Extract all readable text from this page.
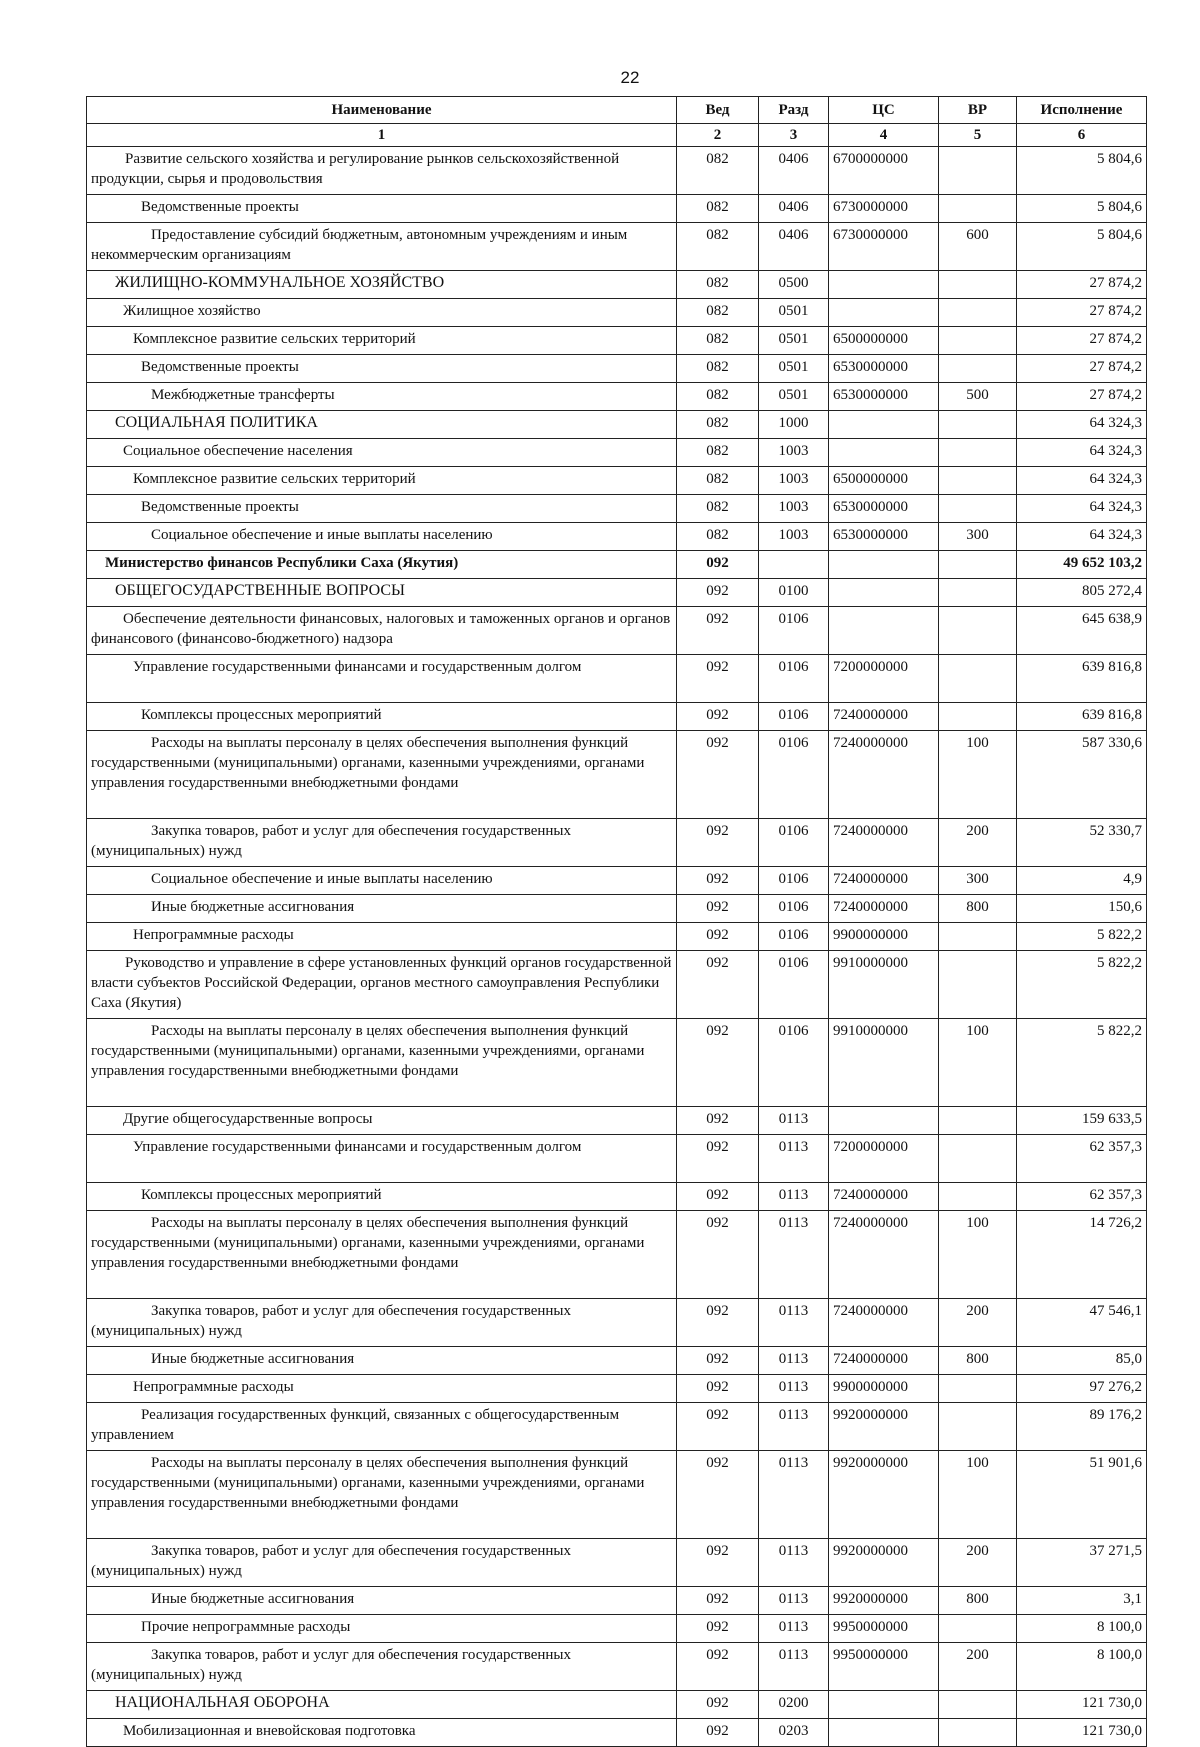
22
Наименование	Вед	Разд	ЦС	ВР	Исполнение
1	2	3	4	5	6
Развитие сельского хозяйства и регулирование рынков сельскохозяйственной продукции, сырья и продовольствия	082	0406	6700000000		5 804,6
Ведомственные проекты	082	0406	6730000000		5 804,6
Предоставление субсидий бюджетным, автономным учреждениям и иным некоммерческим организациям	082	0406	6730000000	600	5 804,6
ЖИЛИЩНО-КОММУНАЛЬНОЕ ХОЗЯЙСТВО	082	0500			27 874,2
Жилищное хозяйство	082	0501			27 874,2
Комплексное развитие сельских территорий	082	0501	6500000000		27 874,2
Ведомственные проекты	082	0501	6530000000		27 874,2
Межбюджетные трансферты	082	0501	6530000000	500	27 874,2
СОЦИАЛЬНАЯ ПОЛИТИКА	082	1000			64 324,3
Социальное обеспечение населения	082	1003			64 324,3
Комплексное развитие сельских территорий	082	1003	6500000000		64 324,3
Ведомственные проекты	082	1003	6530000000		64 324,3
Социальное обеспечение и иные выплаты населению	082	1003	6530000000	300	64 324,3
Министерство финансов Республики Саха (Якутия)	092				49 652 103,2
ОБЩЕГОСУДАРСТВЕННЫЕ ВОПРОСЫ	092	0100			805 272,4
Обеспечение деятельности финансовых, налоговых и таможенных органов и органов финансового (финансово-бюджетного) надзора	092	0106			645 638,9
Управление государственными финансами и государственным долгом	092	0106	7200000000		639 816,8
Комплексы процессных мероприятий	092	0106	7240000000		639 816,8
Расходы на выплаты персоналу в целях обеспечения выполнения функций государственными (муниципальными) органами, казенными учреждениями, органами управления государственными внебюджетными фондами	092	0106	7240000000	100	587 330,6
Закупка товаров, работ и услуг для обеспечения государственных (муниципальных) нужд	092	0106	7240000000	200	52 330,7
Социальное обеспечение и иные выплаты населению	092	0106	7240000000	300	4,9
Иные бюджетные ассигнования	092	0106	7240000000	800	150,6
Непрограммные расходы	092	0106	9900000000		5 822,2
Руководство и управление в сфере установленных функций органов государственной власти субъектов Российской Федерации, органов местного самоуправления Республики Саха (Якутия)	092	0106	9910000000		5 822,2
Расходы на выплаты персоналу в целях обеспечения выполнения функций государственными (муниципальными) органами, казенными учреждениями, органами управления государственными внебюджетными фондами	092	0106	9910000000	100	5 822,2
Другие общегосударственные вопросы	092	0113			159 633,5
Управление государственными финансами и государственным долгом	092	0113	7200000000		62 357,3
Комплексы процессных мероприятий	092	0113	7240000000		62 357,3
Расходы на выплаты персоналу в целях обеспечения выполнения функций государственными (муниципальными) органами, казенными учреждениями, органами управления государственными внебюджетными фондами	092	0113	7240000000	100	14 726,2
Закупка товаров, работ и услуг для обеспечения государственных (муниципальных) нужд	092	0113	7240000000	200	47 546,1
Иные бюджетные ассигнования	092	0113	7240000000	800	85,0
Непрограммные расходы	092	0113	9900000000		97 276,2
Реализация государственных функций, связанных с общегосударственным управлением	092	0113	9920000000		89 176,2
Расходы на выплаты персоналу в целях обеспечения выполнения функций государственными (муниципальными) органами, казенными учреждениями, органами управления государственными внебюджетными фондами	092	0113	9920000000	100	51 901,6
Закупка товаров, работ и услуг для обеспечения государственных (муниципальных) нужд	092	0113	9920000000	200	37 271,5
Иные бюджетные ассигнования	092	0113	9920000000	800	3,1
Прочие непрограммные расходы	092	0113	9950000000		8 100,0
Закупка товаров, работ и услуг для обеспечения государственных (муниципальных) нужд	092	0113	9950000000	200	8 100,0
НАЦИОНАЛЬНАЯ ОБОРОНА	092	0200			121 730,0
Мобилизационная и вневойсковая подготовка	092	0203			121 730,0
